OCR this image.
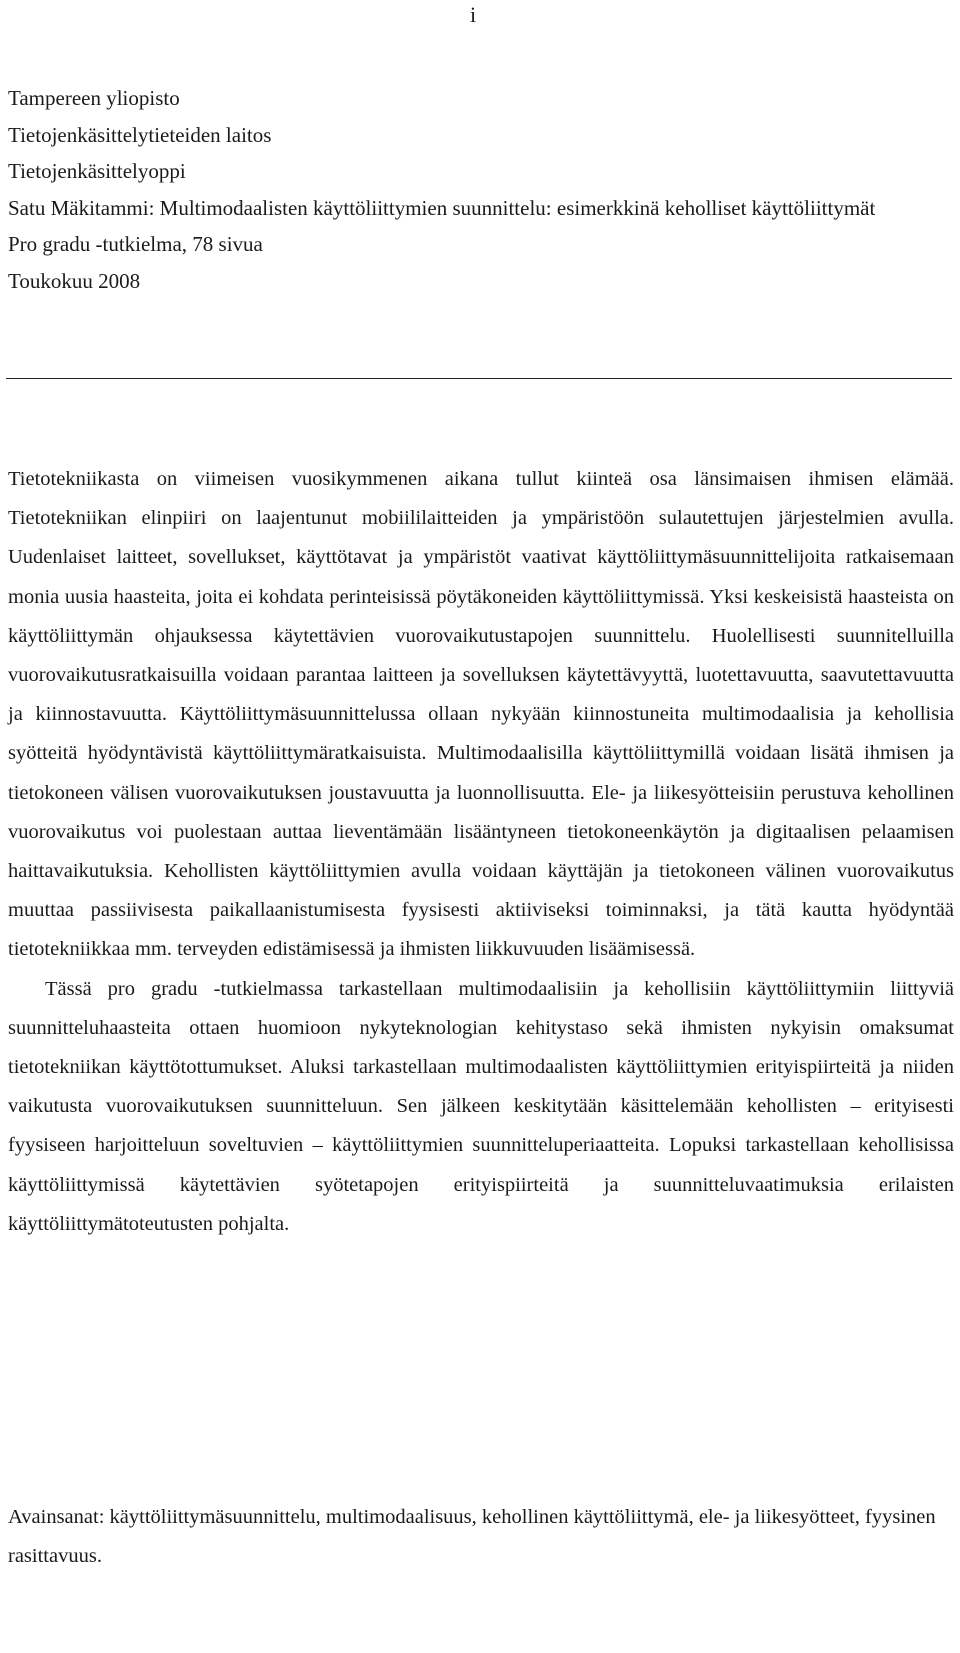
i
Tampereen yliopisto
Tietojenkäsittelytieteiden laitos
Tietojenkäsittelyoppi
Satu Mäkitammi: Multimodaalisten käyttöliittymien suunnittelu: esimerkkinä keholliset käyttöliittymät
Pro gradu -tutkielma, 78 sivua
Toukokuu 2008

Tietotekniikasta on viimeisen vuosikymmenen aikana tullut kiinteä osa länsimaisen ihmisen elämää. Tietotekniikan elinpiiri on laajentunut mobiililaitteiden ja ympäristöön sulautettujen järjestelmien avulla. Uudenlaiset laitteet, sovellukset, käyttötavat ja ympäristöt vaativat käyttöliittymäsuunnittelijoita ratkaisemaan monia uusia haasteita, joita ei kohdata perinteisissä pöytäkoneiden käyttöliittymissä. Yksi keskeisistä haasteista on käyttöliittymän ohjauksessa käytettävien vuorovaikutustapojen suunnittelu. Huolellisesti suunnitelluilla vuorovaikutusratkaisuilla voidaan parantaa laitteen ja sovelluksen käytettävyyttä, luotettavuutta, saavutettavuutta ja kiinnostavuutta. Käyttöliittymäsuunnittelussa ollaan nykyään kiinnostuneita multimodaalisia ja kehollisia syötteitä hyödyntävistä käyttöliittymäratkaisuista. Multimodaalisilla käyttöliittymillä voidaan lisätä ihmisen ja tietokoneen välisen vuorovaikutuksen joustavuutta ja luonnollisuutta. Ele- ja liikesyötteisiin perustuva kehollinen vuorovaikutus voi puolestaan auttaa lieventämään lisääntyneen tietokoneenkäytön ja digitaalisen pelaamisen haittavaikutuksia. Kehollisten käyttöliittymien avulla voidaan käyttäjän ja tietokoneen välinen vuorovaikutus muuttaa passiivisesta paikallaanistumisesta fyysisesti aktiiviseksi toiminnaksi, ja tätä kautta hyödyntää tietotekniikkaa mm. terveyden edistämisessä ja ihmisten liikkuvuuden lisäämisessä.

Tässä pro gradu -tutkielmassa tarkastellaan multimodaalisiin ja kehollisiin käyttöliittymiin liittyviä suunnitteluhaasteita ottaen huomioon nykyteknologian kehitystaso sekä ihmisten nykyisin omaksumat tietotekniikan käyttötottumukset. Aluksi tarkastellaan multimodaalisten käyttöliittymien erityispiirteitä ja niiden vaikutusta vuorovaikutuksen suunnitteluun. Sen jälkeen keskitytään käsittelemään kehollisten – erityisesti fyysiseen harjoitteluun soveltuvien – käyttöliittymien suunnitteluperiaatteita. Lopuksi tarkastellaan kehollisissa käyttöliittymissä käytettävien syötetapojen erityispiirteitä ja suunnitteluvaatimuksia erilaisten käyttöliittymätoteutusten pohjalta.

Avainsanat: käyttöliittymäsuunnittelu, multimodaalisuus, kehollinen käyttöliittymä, ele- ja liikesyötteet, fyysinen rasittavuus.
